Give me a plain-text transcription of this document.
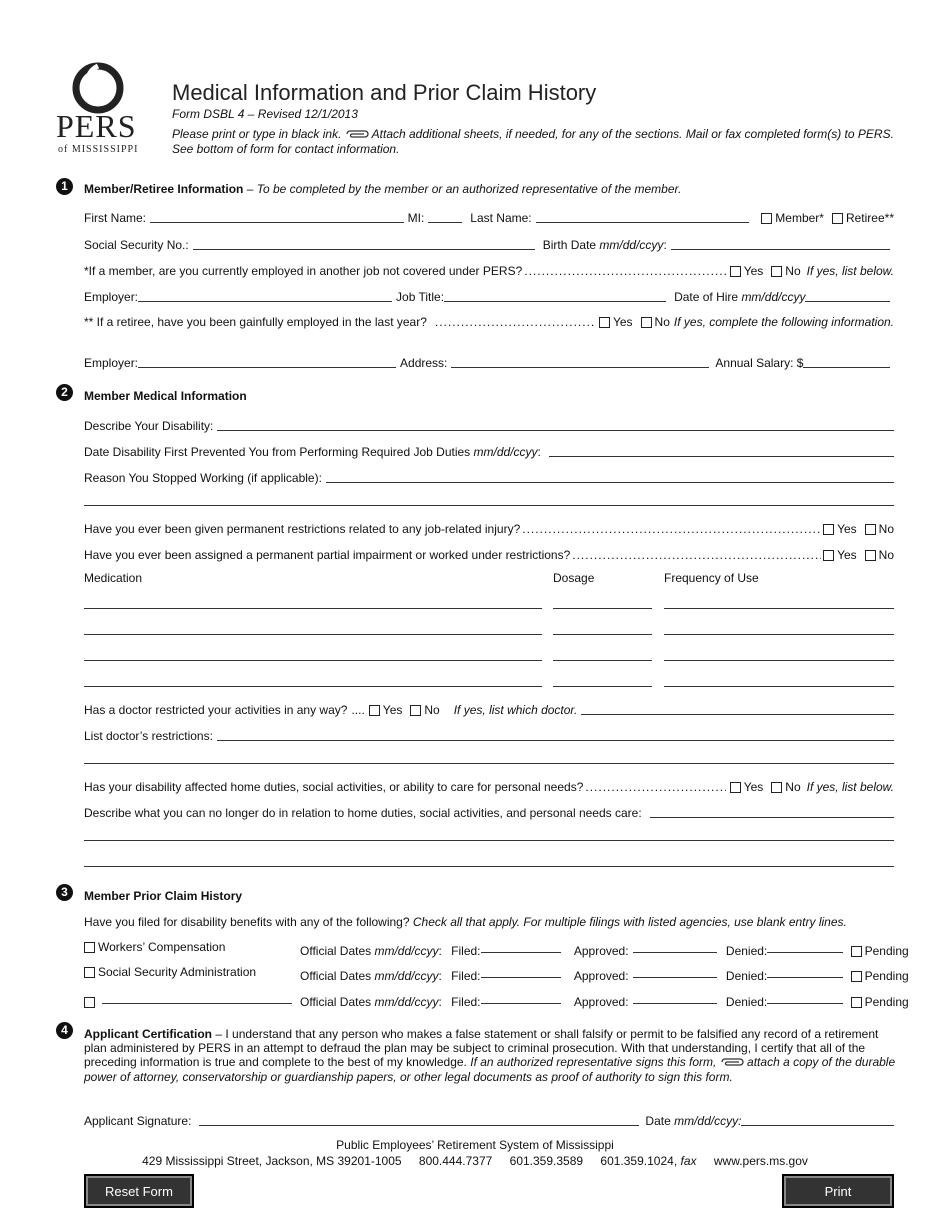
PERS
of MISSISSIPPI
Medical Information and Prior Claim History
Form DSBL 4 – Revised 12/1/2013
Please print or type in black ink.	Attach additional sheets, if needed, for any of the sections. Mail or fax completed form(s) to PERS.
See bottom of form for contact information.
1	Member/Retiree Information – To be completed by the member or an authorized representative of the member.
First Name:	MI:	Last Name:	Member* Retiree**
Social Security No.:	Birth Date
mm/dd/ccyy :
*If a member, are you currently employed in another job not covered under PERS? .....	Yes No If yes, list below.
Employer:	Job Title:	Date of Hire
mm/dd/ccyy
** If a retiree, have you been gainfully employed in the last year? .....	Yes No If yes, complete the following information.
Employer:	Address:	Annual Salary: $
2	Member Medical Information
Describe Your Disability:
Date Disability First Prevented You from Performing Required Job Duties
mm/dd/ccyy :
Reason You Stopped Working (if applicable):
Have you ever been given permanent restrictions related to any job-related injury? .....	Yes No
Have you ever been assigned a permanent partial impairment or worked under restrictions? .....	Yes No
Medication	Dosage	Frequency of Use
Has a doctor restricted your activities in any way? .... Yes No If yes, list which doctor.
List doctor’s restrictions:
Has your disability affected home duties, social activities, or ability to care for personal needs? .....	Yes No If yes, list below.
Describe what you can no longer do in relation to home duties, social activities, and personal needs care:
3	Member Prior Claim History
Have you filed for disability benefits with any of the following? Check all that apply. For multiple filings with listed agencies, use blank entry lines.
Workers’ Compensation	Official Dates mm/dd/ccyy: Filed:	Approved:	Denied:	Pending
Social Security Administration	Official Dates mm/dd/ccyy: Filed:	Approved:	Denied:	Pending
Official Dates mm/dd/ccyy: Filed:	Approved:	Denied:	Pending
4	Applicant Certification – I understand that any person who makes a false statement or shall falsify or permit to be falsified any record of a retirement plan administered by PERS in an attempt to defraud the plan may be subject to criminal prosecution. With that understanding, I certify that all of the preceding information is true and complete to the best of my knowledge. If an authorized representative signs this form,	attach a copy of the durable power of attorney, conservatorship or guardianship papers, or other legal documents as proof of authority to sign this form.
Applicant Signature:	Date
mm/dd/ccyy :
Public Employees’ Retirement System of Mississippi
429 Mississippi Street, Jackson, MS 39201-1005 800.444.7377 601.359.3589 601.359.1024, fax www.pers.ms.gov
Reset Form	Print
